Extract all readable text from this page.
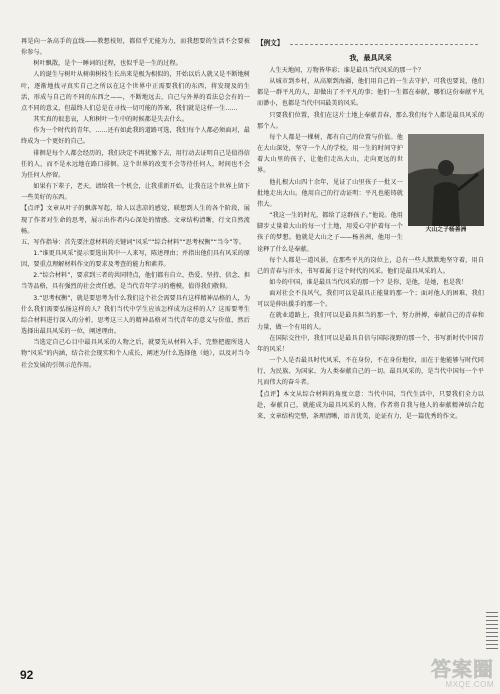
再是向一条高手的直线——教想枝短，都似乎无能为力，而我想要的生活不会要被你参与。

树叶飘散，是个一睡词的过程，也似乎是一生的过程。

人的诞生与树叶从树萌树枝生长出来是极为相似的，开始以后人就又是不断地树叶，逐渐地找寻真实自己之所以在这个世界中正需要我们的东西，将发现及的生活，形成与自己的不同的东西之——，不断地远去，自己与外界的看法总会有的一点不同的意义，但最终人们总是在寻找一切可能的答案，我们就是这样一生……

其实真的很悲哀，人和树叶一生中的时候都是失去什么。

作为一个时代的青年，……还有如此我的道路可选，我们每个人都必须面对，最终成为一个更好的自己。

徘徊是每个人都会经历的，我们决定不再犹豫下去，用行动去证明自己是值得信任的人，而不是永远地在路口徘徊。这个世界的改变不会等待任何人，时间也不会为任何人停留。

如果有下辈子，老天，请给我一个机会，让我重新开始，让我在这个世界上留下一些美好的东西。

【点评】文章从叶子的飘落写起，给人以悲凉的感觉，联想到人生的各个阶段，展现了作者对生命的思考，展示出作者内心深处的情感。文章结构清晰，行文自然流畅。

五、写作指导：首先要注意材料的关键词“风采”“综合材料”“思考权衡”“当今”等。

1.“谁更具风采”提示要选出其中一人来写，陈述理由；并指出他们具有风采的原因，要重点理解材料作文的要求及考查的能力和素养。

2.“综合材料”，要求到三者的共同特点，他们都有自立、热爱、坚持、信念、担当等品格，具有强烈的社会责任感，是当代青年学习的楷模，值得我们敬仰。

3.“思考权衡”，就是要思考为什么我们这个社会需要具有这样精神品格的人，为什么我们需要弘扬这样的人？我们当代中学生应该怎样成为这样的人？这需要考生综合材料进行深入的分析，思考这三人的精神品格对当代青年的意义与价值，然后选择出最具风采的一位，阐述理由。

当选定自己心目中最具风采的人物之后，就要先从材料入手，完整把握所选人物“风采”的内涵，结合社会现实和个人成长，阐述为什么选择他（她），以及对当今社会发展的引领示范作用。

【例文】
我，最具风采

人生天地间，万物皆华彩；谁是最具当代风采的那一个？

从城市到乡村，从高原到海疆，他们用自己的一生去守护，可我也要说，他们都是一群平凡的人，却做出了不平凡的事；他们一生都在奉献，哪怕这份奉献平凡而渺小，也都是当代中国最美的风采。

只要我们位置，我们在这片土地上奉献青春，那么我们每个人都是最具风采的那个人。

大山之子杨善洲

每个人都是一棵树，都有自己的位置与价值。他在大山深处，坚守一个人的学校，用一生的时间守护着大山里的孩子，让他们走出大山，走向更远的世界。

他扎根大山四十余年，见证了山里孩子一批又一批地走出大山。他用自己的行动证明：平凡也能铸就伟大。

“我这一生的时光，都给了这群孩子。”他说。他用脚步丈量着大山的每一寸土地，用爱心守护着每一个孩子的梦想。他就是大山之子——杨善洲，他用一生诠释了什么是奉献。

每个人都是一道风景，在那些平凡的岗位上，总有一些人默默地坚守着，用自己的青春与汗水，书写着属于这个时代的风采。他们是最具风采的人。

如今的中国，谁是最具当代风采的那一个？是你，是他，是她，也是我！

面对社会不良风气，我们可以是最具正能量的那一个；面对他人的困难，我们可以是伸出援手的那一个。

在就业道路上，我们可以是最具担当的那一个，努力拼搏，奉献自己的青春和力量，做一个有用的人。

在国际交往中，我们可以是最具自信与国际视野的那一个，书写新时代中国青年的风采！

一个人是否最具时代风采，不在身份，不在身份地位，而在于他能够与时代同行，为民族、为国家、为人类奉献自己的一切。最具风采的，是当代中国每一个平凡而伟大的奋斗者。

【点评】本文从综合材料的角度立意：当代中国，当代生活中，只要我们全力以赴，奉献自己，就能成为最具风采的人物。作者将自我与他人的奉献精神结合起来，文章结构完整，条理清晰，语言优美，论证有力，是一篇优秀的作文。

92	答案圈
MXQE.COM
